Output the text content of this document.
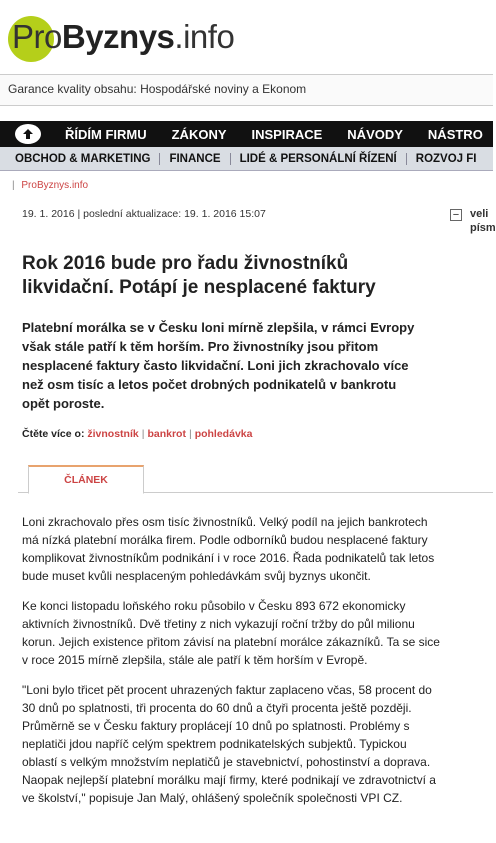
ProByznys.info
Garance kvality obsahu: Hospodářské noviny a Ekonom
ŘÍDÍM FIRMU ZÁKONY INSPIRACE NÁVODY NÁSTRO
OBCHOD & MARKETING	FINANCE	LIDÉ & PERSONÁLNÍ ŘÍZENÍ	ROZVOJ FI
| ProByznys.info
19. 1. 2016 | poslední aktualizace: 19. 1. 2016 15:07	− veli
písm
Rok 2016 bude pro řadu živnostníků likvidační. Potápí je nesplacené faktury
Platební morálka se v Česku loni mírně zlepšila, v rámci Evropy však stále patří k těm horším. Pro živnostníky jsou přitom nesplacené faktury často likvidační. Loni jich zkrachovalo více než osm tisíc a letos počet drobných podnikatelů v bankrotu opět poroste.
Čtěte více o: živnostník | bankrot | pohledávka
ČLÁNEK

Loni zkrachovalo přes osm tisíc živnostníků. Velký podíl na jejich bankrotech má nízká platební morálka firem. Podle odborníků budou nesplacené faktury komplikovat živnostníkům podnikání i v roce 2016. Řada podnikatelů tak letos bude muset kvůli nesplaceným pohledávkám svůj byznys ukončit.

Ke konci listopadu loňského roku působilo v Česku 893 672 ekonomicky aktivních živnostníků. Dvě třetiny z nich vykazují roční tržby do půl milionu korun. Jejich existence přitom závisí na platební morálce zákazníků. Ta se sice v roce 2015 mírně zlepšila, stále ale patří k těm horším v Evropě.

"Loni bylo třicet pět procent uhrazených faktur zaplaceno včas, 58 procent do 30 dnů po splatnosti, tři procenta do 60 dnů a čtyři procenta ještě později. Průměrně se v Česku faktury proplácejí 10 dnů po splatnosti. Problémy s neplatiči jdou napříč celým spektrem podnikatelských subjektů. Typickou oblastí s velkým množstvím neplatičů je stavebnictví, pohostinství a doprava. Naopak nejlepší platební morálku mají firmy, které podnikají ve zdravotnictví a ve školství," popisuje Jan Malý, ohlášený společník společnosti VPI CZ.
